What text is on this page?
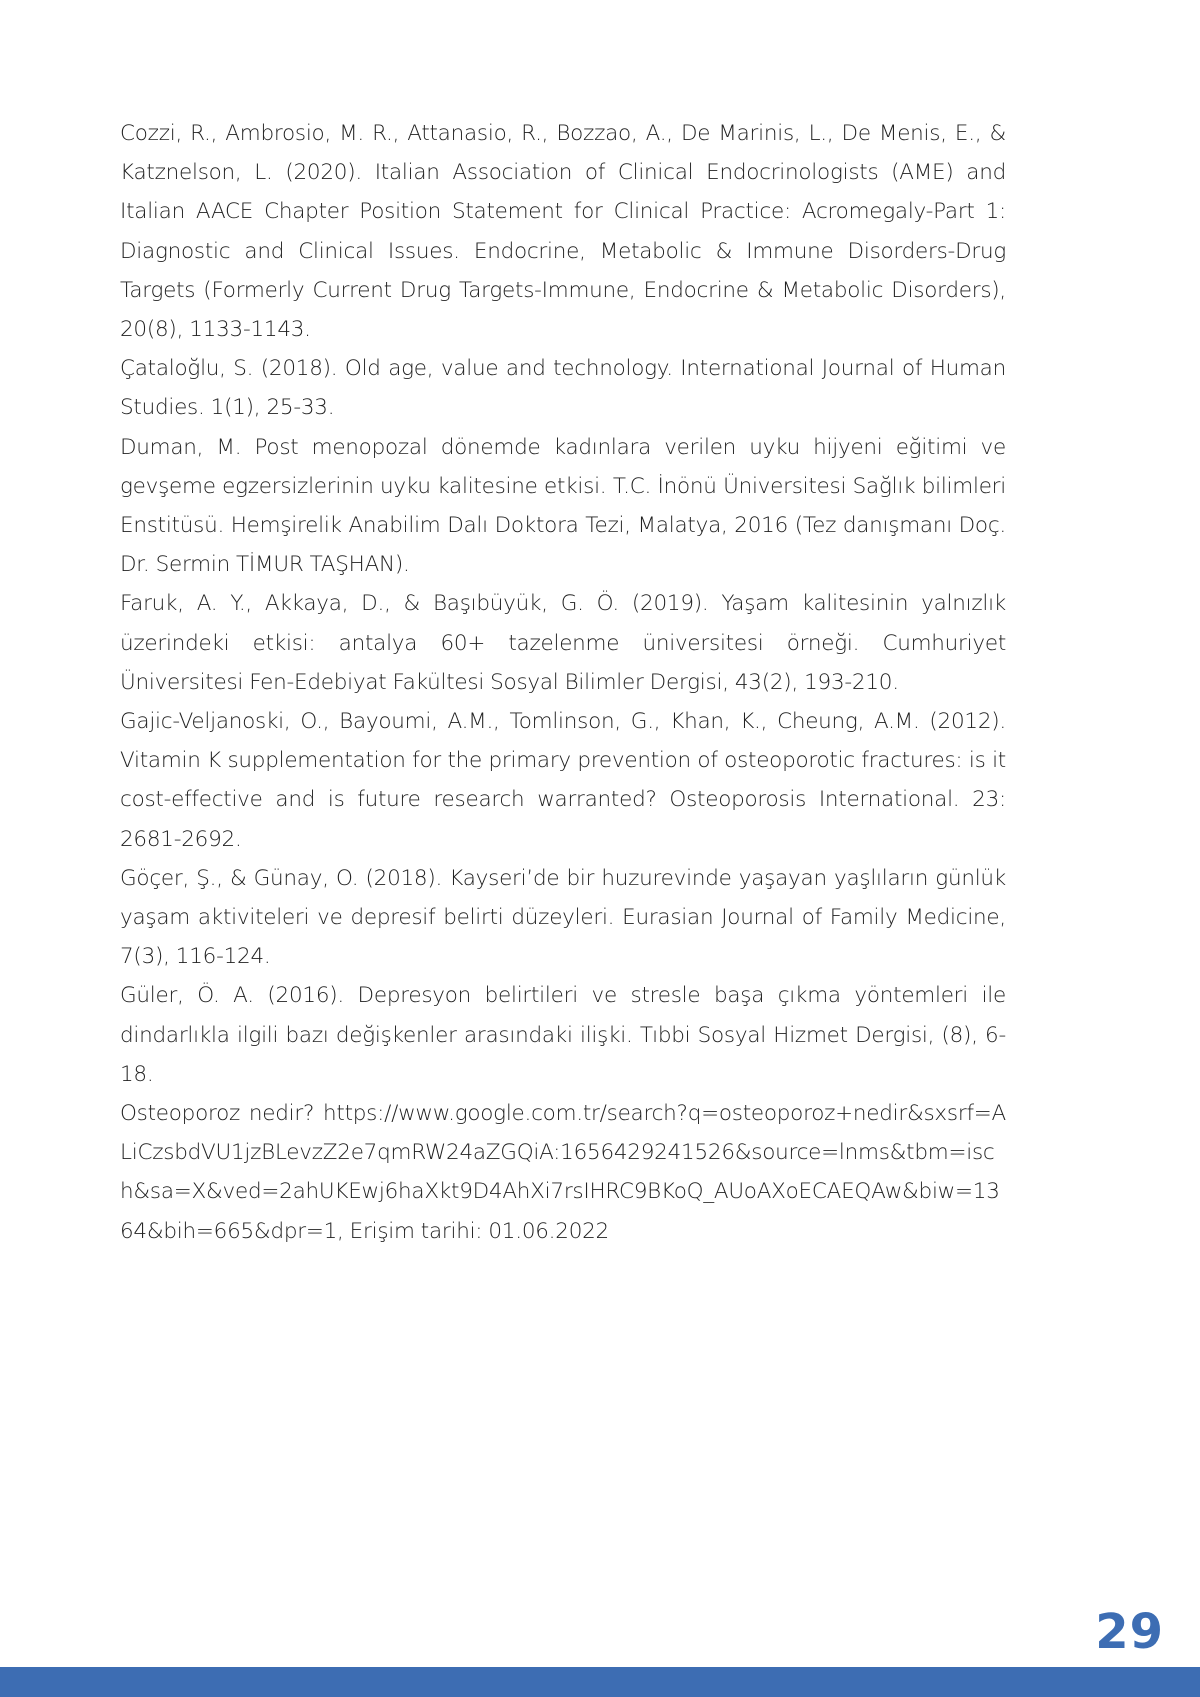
Cozzi, R., Ambrosio, M. R., Attanasio, R., Bozzao, A., De Marinis, L., De Menis, E., & Katznelson, L. (2020). Italian Association of Clinical Endocrinologists (AME) and Italian AACE Chapter Position Statement for Clinical Practice: Acromegaly-Part 1: Diagnostic and Clinical Issues. Endocrine, Metabolic & Immune Disorders-Drug Targets (Formerly Current Drug Targets-Immune, Endocrine & Metabolic Disorders), 20(8), 1133-1143.

Çataloğlu, S. (2018). Old age, value and technology. International Journal of Human Studies. 1(1), 25-33.

Duman, M. Post menopozal dönemde kadınlara verilen uyku hijyeni eğitimi ve gevşeme egzersizlerinin uyku kalitesine etkisi. T.C. İnönü Üniversitesi Sağlık bilimleri Enstitüsü. Hemşirelik Anabilim Dalı Doktora Tezi, Malatya, 2016 (Tez danışmanı Doç. Dr. Sermin TİMUR TAŞHAN).

Faruk, A. Y., Akkaya, D., & Başıbüyük, G. Ö. (2019). Yaşam kalitesinin yalnızlık üzerindeki etkisi: antalya 60+ tazelenme üniversitesi örneği. Cumhuriyet Üniversitesi Fen-Edebiyat Fakültesi Sosyal Bilimler Dergisi, 43(2), 193-210.

Gajic-Veljanoski, O., Bayoumi, A.M., Tomlinson, G., Khan, K., Cheung, A.M. (2012). Vitamin K supplementation for the primary prevention of osteoporotic fractures: is it cost-effective and is future research warranted? Osteoporosis International. 23: 2681-2692.

Göçer, Ş., & Günay, O. (2018). Kayseri’de bir huzurevinde yaşayan yaşlıların günlük yaşam aktiviteleri ve depresif belirti düzeyleri. Eurasian Journal of Family Medicine, 7(3), 116-124.

Güler, Ö. A. (2016). Depresyon belirtileri ve stresle başa çıkma yöntemleri ile dindarlıkla ilgili bazı değişkenler arasındaki ilişki. Tıbbi Sosyal Hizmet Dergisi, (8), 6-18.

Osteoporoz nedir? https://www.google.com.tr/search?q=osteoporoz+nedir&sxsrf=ALiCzsbdVU1jzBLevzZ2e7qmRW24aZGQiA:1656429241526&source=lnms&tbm=isch&sa=X&ved=2ahUKEwj6haXkt9D4AhXi7rsIHRC9BKoQ_AUoAXoECAEQAw&biw=1364&bih=665&dpr=1, Erişim tarihi: 01.06.2022

29
